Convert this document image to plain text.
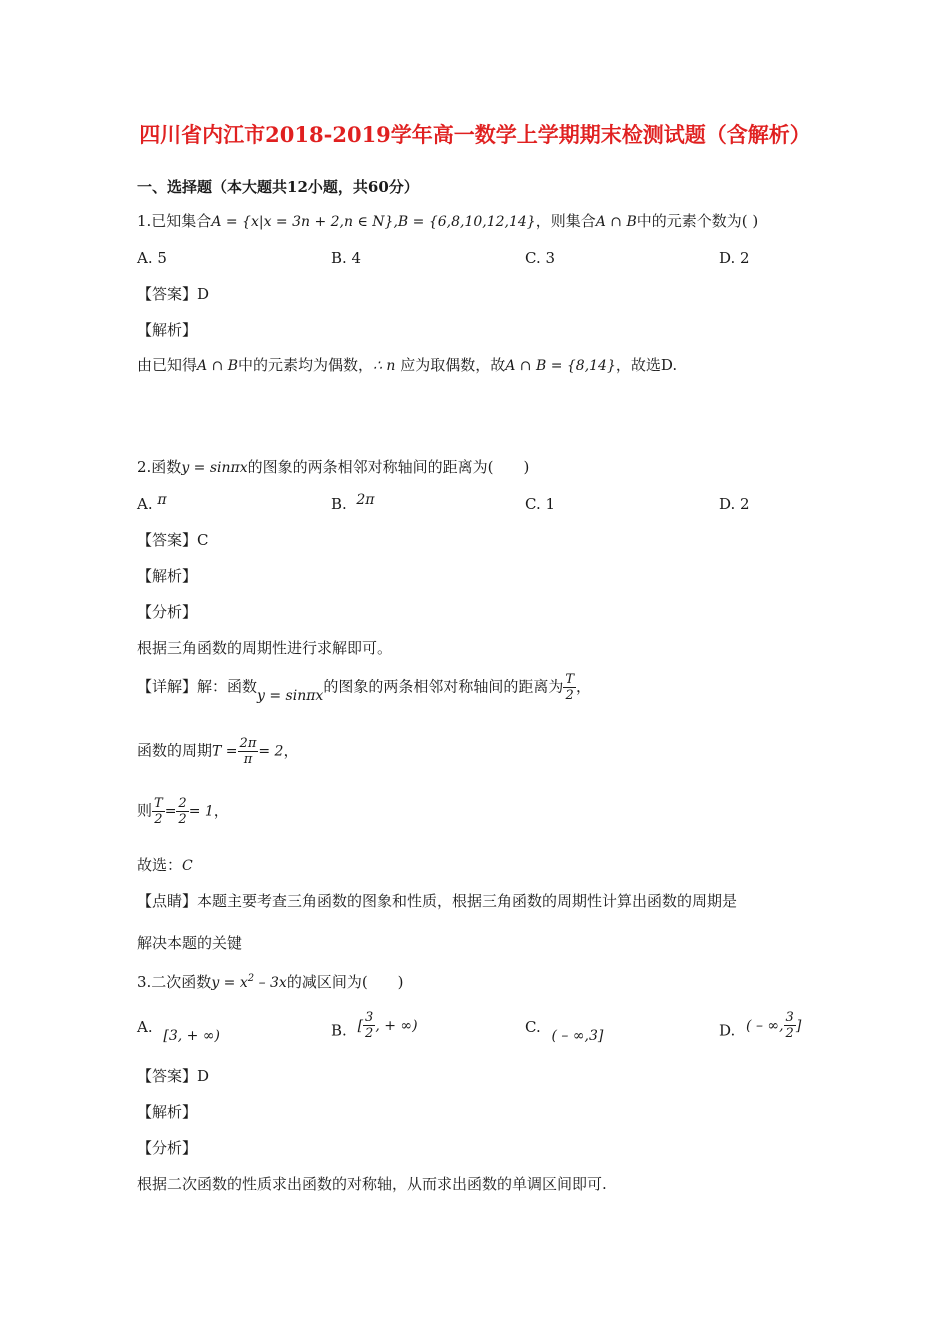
四川省内江市2018-2019学年高一数学上学期期末检测试题（含解析）
一、选择题（本大题共12小题，共60分）
1.已知集合A = {x|x = 3n + 2,n ∈ N},B = {6,8,10,12,14}，则集合A ∩ B中的元素个数为( )
A. 5	B. 4	C. 3	D. 2
【答案】D
【解析】
由已知得A ∩ B中的元素均为偶数，∴ n 应为取偶数，故A ∩ B = {8,14}，故选D.
2.函数y = sinπx的图象的两条相邻对称轴间的距离为(　　)
A. π	B. 2π	C. 1	D. 2
【答案】C
【解析】
【分析】
根据三角函数的周期性进行求解即可。
【详解】解：函数y = sinπx的图象的两条相邻对称轴间的距离为 $\frac{T}{2}$ ，
函数的周期$T = \frac{2\pi}{\pi} = 2$，
则 $\frac{T}{2} = \frac{2}{2} = 1$，
故选：C
【点睛】本题主要考查三角函数的图象和性质，根据三角函数的周期性计算出函数的周期是
解决本题的关键
3.二次函数$y = x^2 - 3x$的减区间为(　　)
A. [3, + ∞)	B. [ $\frac{3}{2}$ , + ∞)	C. ( – ∞,3]	D. ( – ∞, $\frac{3}{2}$ ]
【答案】D
【解析】
【分析】
根据二次函数的性质求出函数的对称轴，从而求出函数的单调区间即可.
